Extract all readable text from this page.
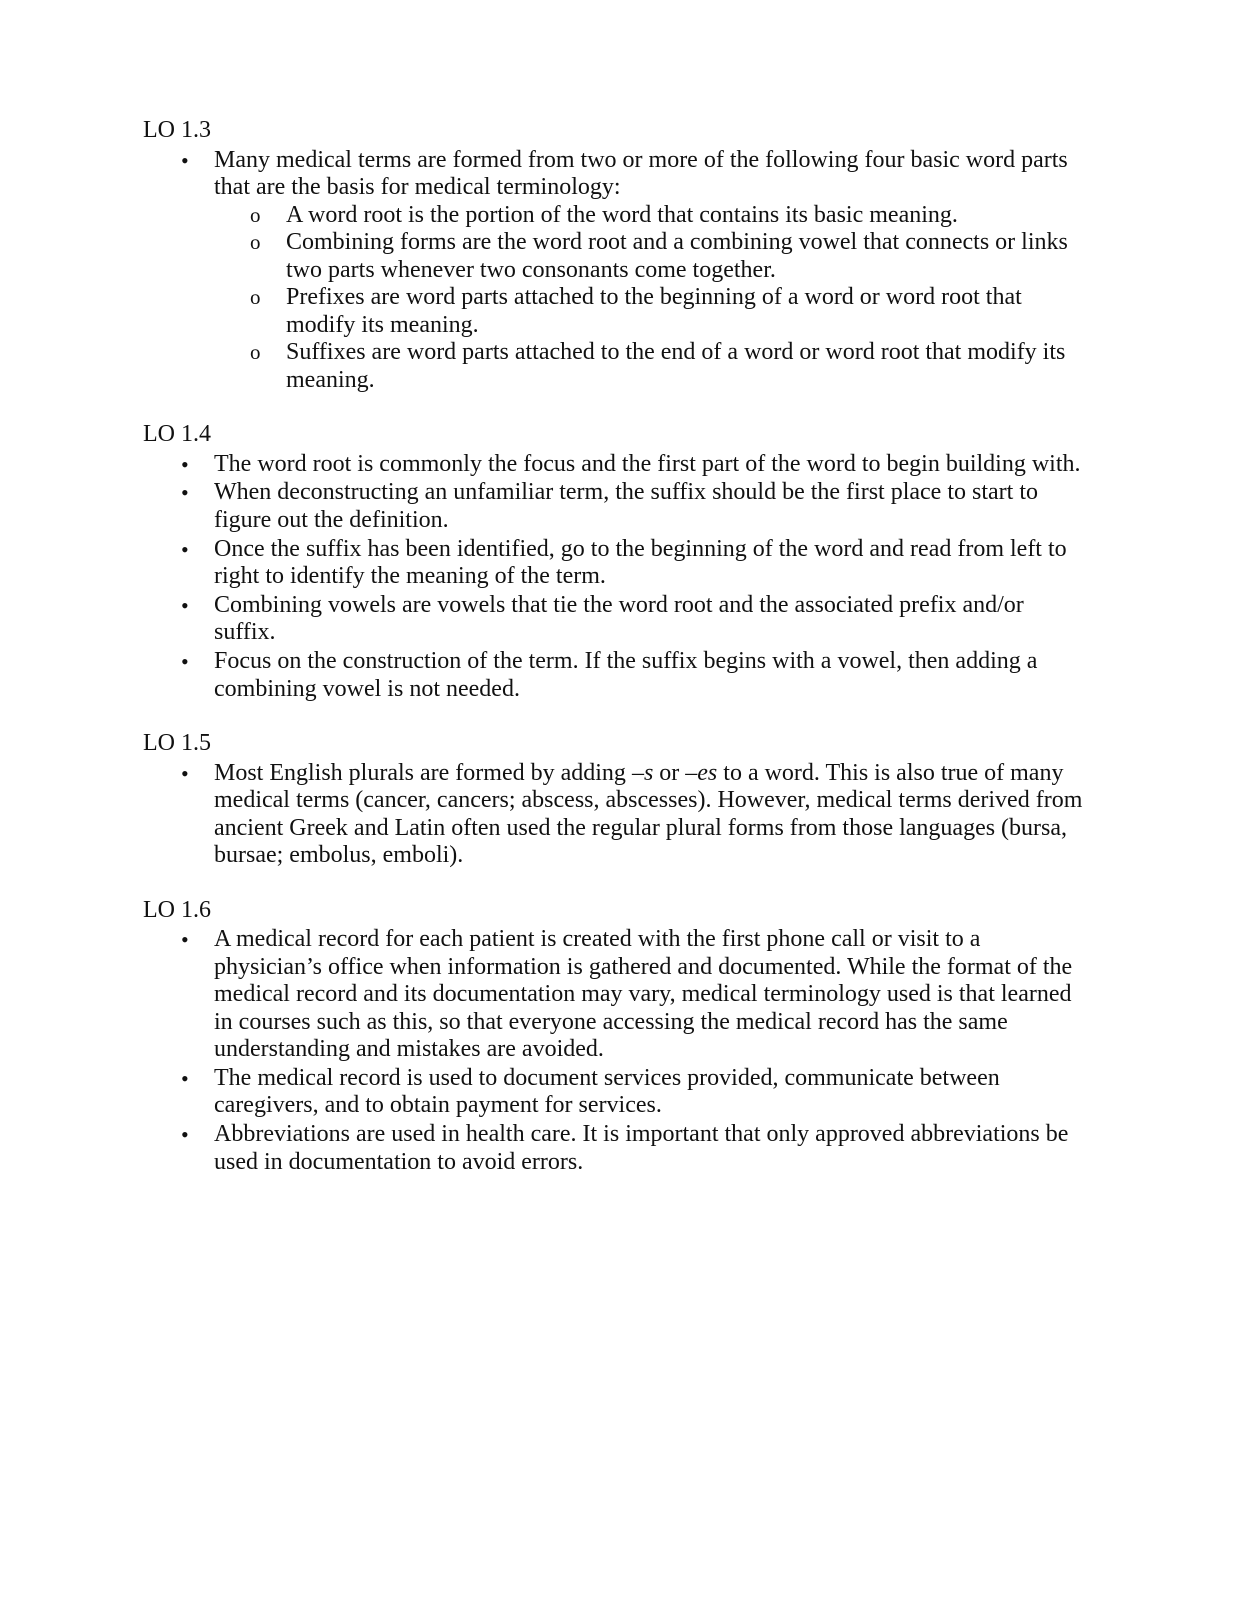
LO 1.3

• Many medical terms are formed from two or more of the following four basic word parts that are the basis for medical terminology:
o A word root is the portion of the word that contains its basic meaning.
o Combining forms are the word root and a combining vowel that connects or links two parts whenever two consonants come together.
o Prefixes are word parts attached to the beginning of a word or word root that modify its meaning.
o Suffixes are word parts attached to the end of a word or word root that modify its meaning.

LO 1.4

• The word root is commonly the focus and the first part of the word to begin building with.
• When deconstructing an unfamiliar term, the suffix should be the first place to start to figure out the definition.
• Once the suffix has been identified, go to the beginning of the word and read from left to right to identify the meaning of the term.
• Combining vowels are vowels that tie the word root and the associated prefix and/or suffix.
• Focus on the construction of the term. If the suffix begins with a vowel, then adding a combining vowel is not needed.

LO 1.5

• Most English plurals are formed by adding –s or –es to a word. This is also true of many medical terms (cancer, cancers; abscess, abscesses). However, medical terms derived from ancient Greek and Latin often used the regular plural forms from those languages (bursa, bursae; embolus, emboli).

LO 1.6

• A medical record for each patient is created with the first phone call or visit to a physician’s office when information is gathered and documented. While the format of the medical record and its documentation may vary, medical terminology used is that learned in courses such as this, so that everyone accessing the medical record has the same understanding and mistakes are avoided.
• The medical record is used to document services provided, communicate between caregivers, and to obtain payment for services.
• Abbreviations are used in health care. It is important that only approved abbreviations be used in documentation to avoid errors.
